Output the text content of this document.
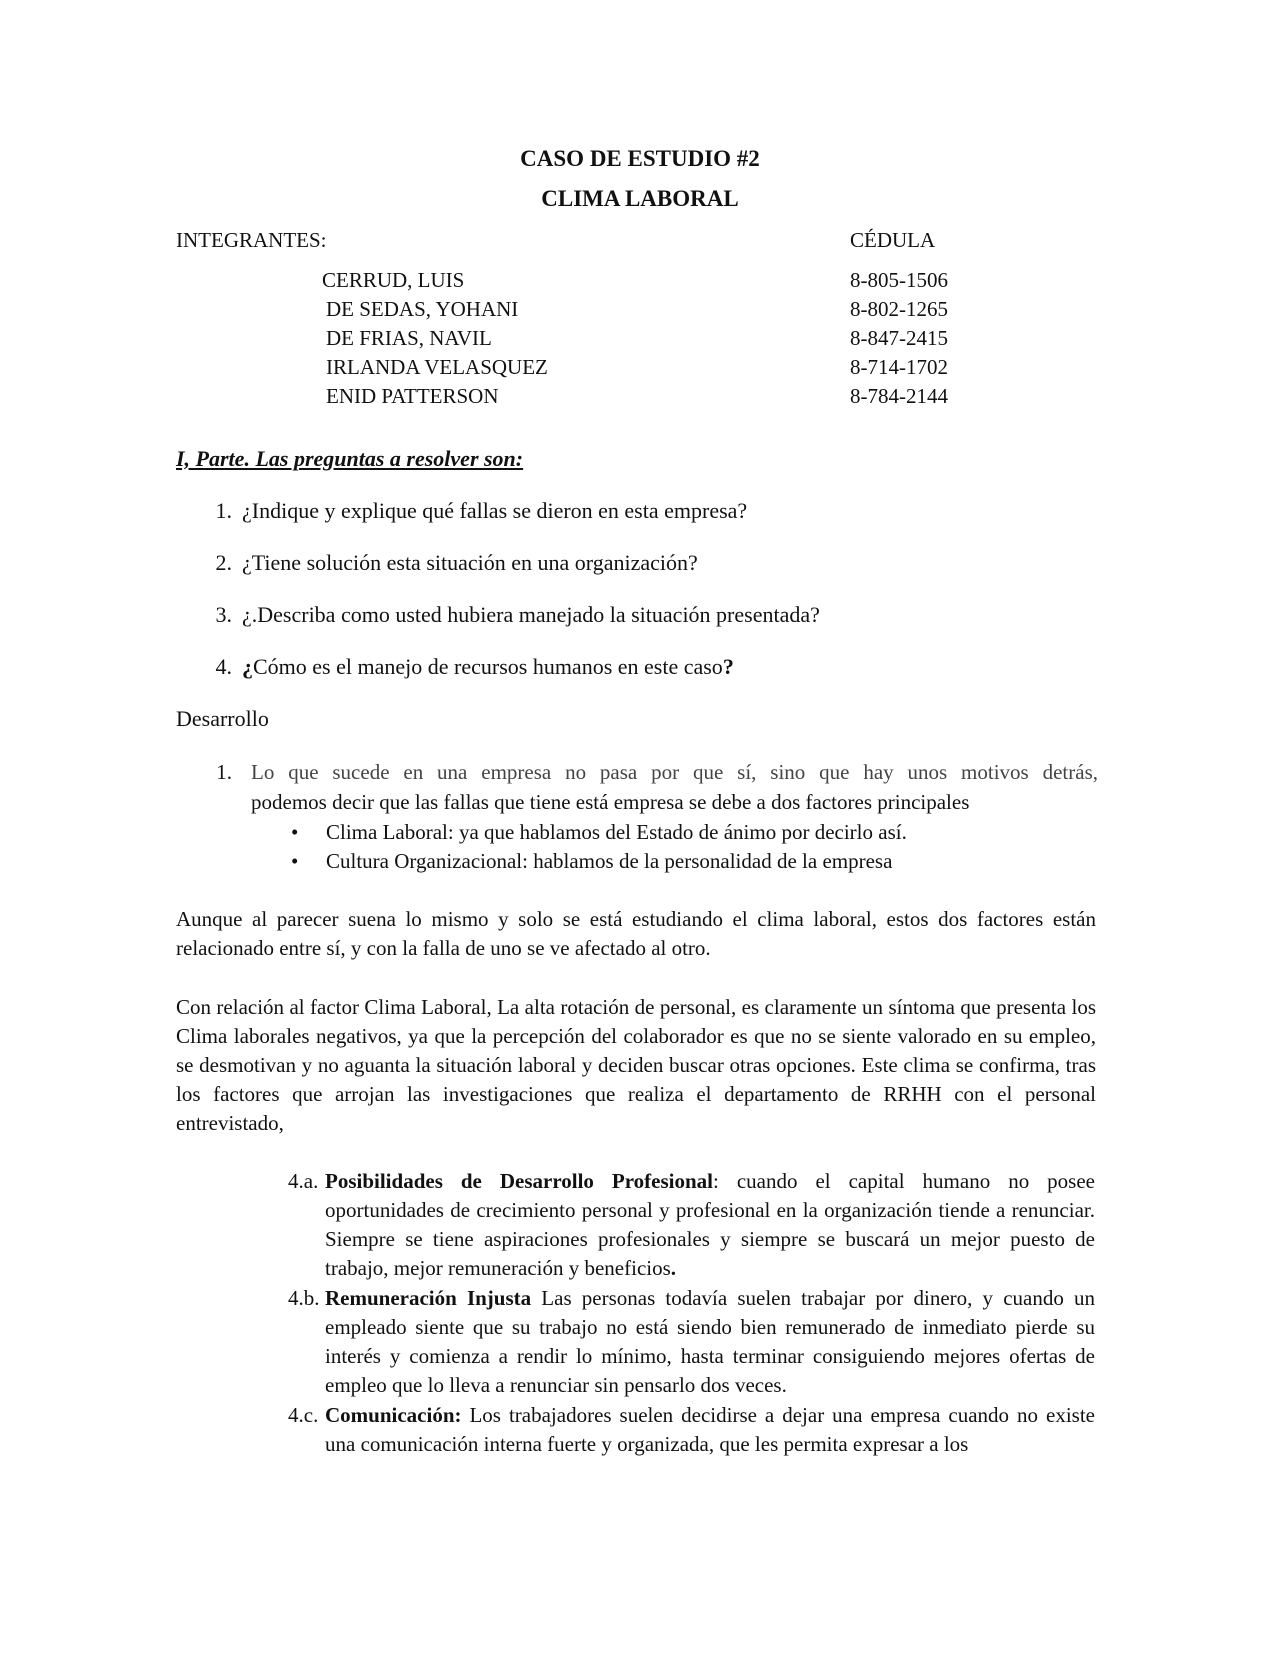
CASO DE ESTUDIO #2
CLIMA LABORAL
INTEGRANTES:	CÉDULA
CERRUD, LUIS	8-805-1506
DE SEDAS, YOHANI	8-802-1265
DE FRIAS, NAVIL	8-847-2415
IRLANDA VELASQUEZ	8-714-1702
ENID PATTERSON	8-784-2144
I, Parte. Las preguntas a resolver son:
1. ¿Indique y explique qué fallas se dieron en esta empresa?
2. ¿Tiene solución esta situación en una organización?
3. ¿.Describa como usted hubiera manejado la situación presentada?
4. ¿Cómo es el manejo de recursos humanos en este caso?
Desarrollo
1. Lo que sucede en una empresa no pasa por que sí, sino que hay unos motivos detrás,
podemos decir que las fallas que tiene está empresa se debe a dos factores principales
• Clima Laboral: ya que hablamos del Estado de ánimo por decirlo así.
• Cultura Organizacional: hablamos de la personalidad de la empresa
Aunque al parecer suena lo mismo y solo se está estudiando el clima laboral, estos dos factores están relacionado entre sí, y con la falla de uno se ve afectado al otro.
Con relación al factor Clima Laboral, La alta rotación de personal, es claramente un síntoma que presenta los Clima laborales negativos, ya que la percepción del colaborador es que no se siente valorado en su empleo, se desmotivan y no aguanta la situación laboral y deciden buscar otras opciones. Este clima se confirma, tras los factores que arrojan las investigaciones que realiza el departamento de RRHH con el personal entrevistado,
4.a. Posibilidades de Desarrollo Profesional: cuando el capital humano no posee oportunidades de crecimiento personal y profesional en la organización tiende a renunciar. Siempre se tiene aspiraciones profesionales y siempre se buscará un mejor puesto de trabajo, mejor remuneración y beneficios.
4.b. Remuneración Injusta Las personas todavía suelen trabajar por dinero, y cuando un empleado siente que su trabajo no está siendo bien remunerado de inmediato pierde su interés y comienza a rendir lo mínimo, hasta terminar consiguiendo mejores ofertas de empleo que lo lleva a renunciar sin pensarlo dos veces.
4.c. Comunicación: Los trabajadores suelen decidirse a dejar una empresa cuando no existe una comunicación interna fuerte y organizada, que les permita expresar a los
